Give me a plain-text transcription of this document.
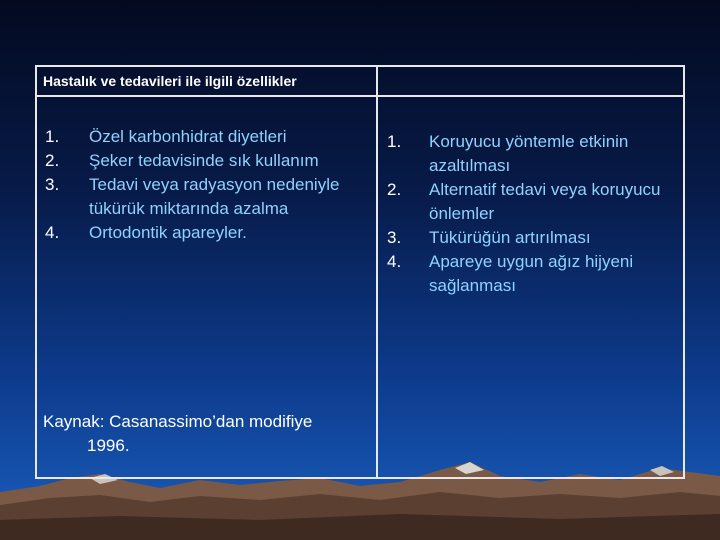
Hastalık ve tedavileri ile ilgili özellikler
1. Özel karbonhidrat diyetleri
2. Şeker tedavisinde sık kullanım
3. Tedavi veya radyasyon nedeniyle tükürük miktarında azalma
4. Ortodontik apareyler.
1. Koruyucu yöntemle etkinin azaltılması
2. Alternatif tedavi veya koruyucu önlemler
3. Tükürüğün artırılması
4. Apareye uygun ağız hijyeni sağlanması
Kaynak: Casanassimo’dan modifiye
1996.
